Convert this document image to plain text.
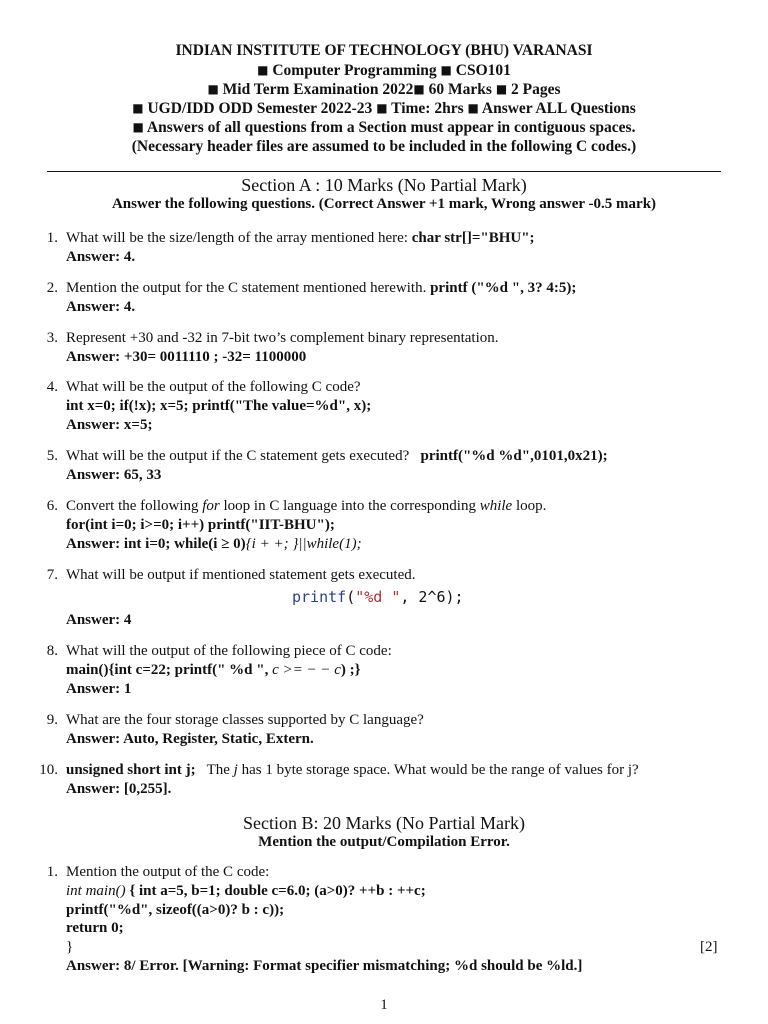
INDIAN INSTITUTE OF TECHNOLOGY (BHU) VARANASI
■ Computer Programming ■ CSO101
■ Mid Term Examination 2022■ 60 Marks ■ 2 Pages
■ UGD/IDD ODD Semester 2022-23 ■ Time: 2hrs ■ Answer ALL Questions
■ Answers of all questions from a Section must appear in contiguous spaces.
(Necessary header files are assumed to be included in the following C codes.)
Section A : 10 Marks (No Partial Mark)
Answer the following questions. (Correct Answer +1 mark, Wrong answer -0.5 mark)
1. What will be the size/length of the array mentioned here: char str[]="BHU";
Answer: 4.
2. Mention the output for the C statement mentioned herewith. printf ("%d ", 3? 4:5);
Answer: 4.
3. Represent +30 and -32 in 7-bit two’s complement binary representation.
Answer: +30= 0011110 ; -32= 1100000
4. What will be the output of the following C code?
int x=0; if(!x); x=5; printf("The value=%d", x);
Answer: x=5;
5. What will be the output if the C statement gets executed? printf("%d %d",0101,0x21);
Answer: 65, 33
6. Convert the following for loop in C language into the corresponding while loop.
for(int i=0; i>=0; i++) printf("IIT-BHU");
Answer: int i=0; while(i ≥ 0){i + +; }||while(1);
7. What will be output if mentioned statement gets executed.
printf("%d ", 2^6);
Answer: 4
8. What will the output of the following piece of C code:
main(){int c=22; printf(" %d ", c >= − − c) ;}
Answer: 1
9. What are the four storage classes supported by C language?
Answer: Auto, Register, Static, Extern.
10. unsigned short int j; The j has 1 byte storage space. What would be the range of values for j?
Answer: [0,255].
Section B: 20 Marks (No Partial Mark)
Mention the output/Compilation Error.
1. Mention the output of the C code:
int main() { int a=5, b=1; double c=6.0; (a>0)? ++b : ++c;
printf("%d", sizeof((a>0)? b : c));
return 0;
}	[2]
Answer: 8/ Error. [Warning: Format specifier mismatching; %d should be %ld.]
1
